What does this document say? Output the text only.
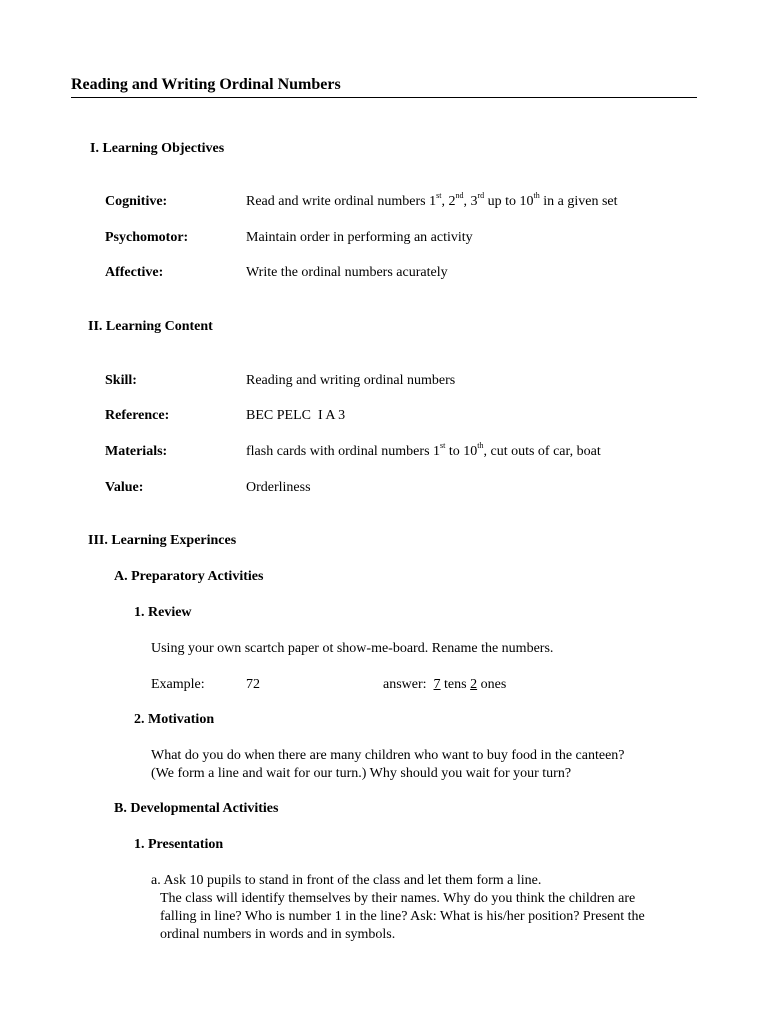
Reading and Writing Ordinal Numbers
I. Learning Objectives
Cognitive:	Read and write ordinal numbers 1st, 2nd, 3rd up to 10th in a given set
Psychomotor:	Maintain order in performing an activity
Affective:	Write the ordinal numbers acurately
II. Learning Content
Skill:	Reading and writing ordinal numbers
Reference:	BEC PELC  I A 3
Materials:	flash cards with ordinal numbers 1st to 10th, cut outs of car, boat
Value:	Orderliness
III. Learning Experinces
A. Preparatory Activities
1. Review
Using your own scartch paper ot show-me-board. Rename the numbers.
Example:	72	answer:  7 tens 2 ones
2. Motivation
What do you do when there are many children who want to buy food in the canteen?
(We form a line and wait for our turn.) Why should you wait for your turn?
B. Developmental Activities
1. Presentation
a. Ask 10 pupils to stand in front of the class and let them form a line.
The class will identify themselves by their names. Why do you think the children are
falling in line? Who is number 1 in the line? Ask: What is his/her position? Present the
ordinal numbers in words and in symbols.
